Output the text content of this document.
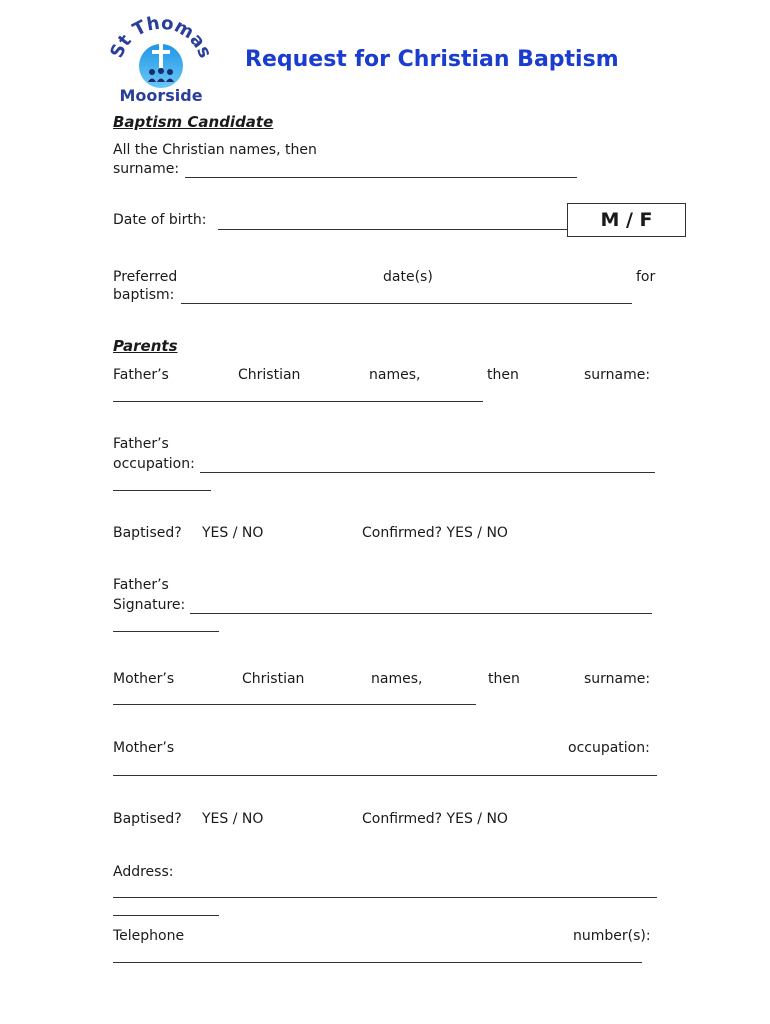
St Thoma
Moorside
Request for Christian Baptism
Baptism Candidate
All the Christian names, then
surname:
Date of birth:	M / F
Preferred	date(s)	for
baptism:
Parents
Father’s	Christian	names,	then	surname:
Father’s
occupation:
Baptised? YES / NO	Confirmed? YES / NO
Father’s
Signature:
Mother’s	Christian	names,	then	surname:
Mother’s	occupation:
Baptised? YES / NO	Confirmed? YES / NO
Address:
Telephone	number(s):
